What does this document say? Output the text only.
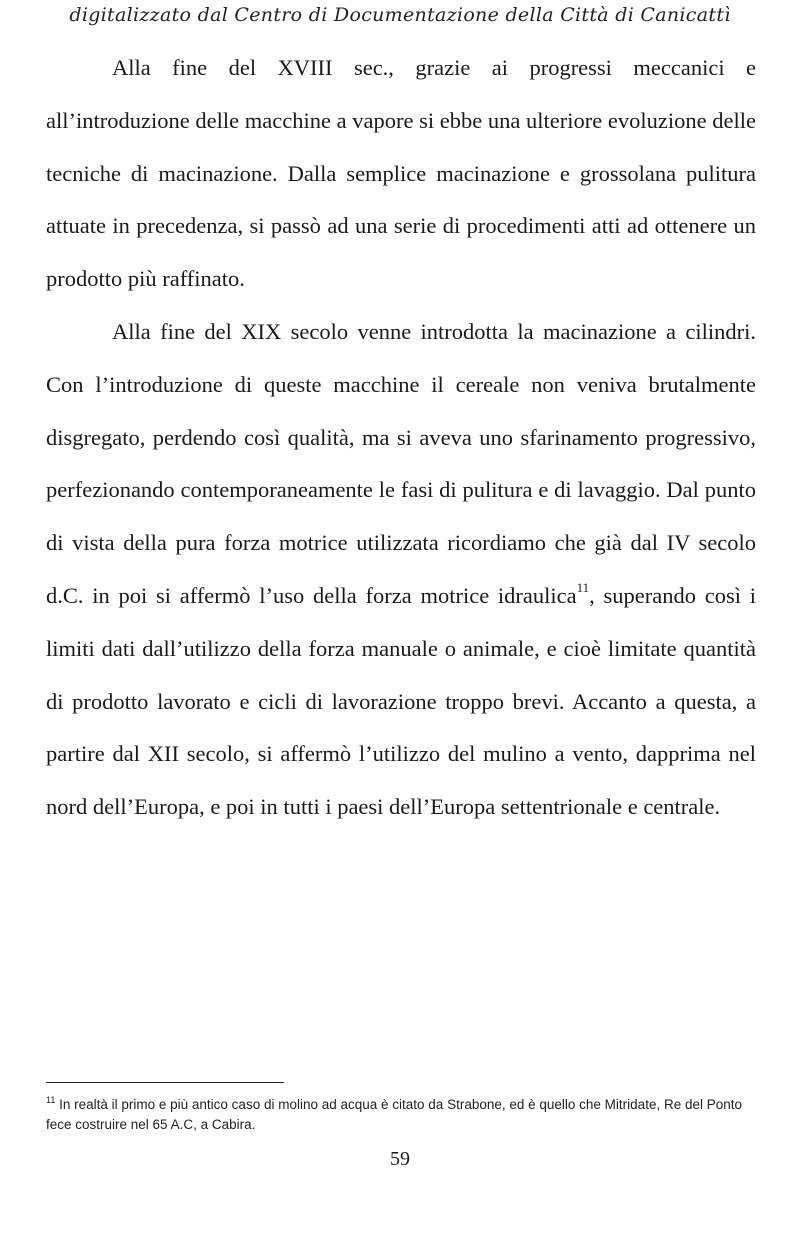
digitalizzato dal Centro di Documentazione della Città di Canicattì

Alla fine del XVIII sec., grazie ai progressi meccanici e all’introduzione delle macchine a vapore si ebbe una ulteriore evoluzione delle tecniche di macinazione. Dalla semplice macinazione e grossolana pulitura attuate in precedenza, si passò ad una serie di procedimenti atti ad ottenere un prodotto più raffinato.

Alla fine del XIX secolo venne introdotta la macinazione a cilindri. Con l’introduzione di queste macchine il cereale non veniva brutalmente disgregato, perdendo così qualità, ma si aveva uno sfarinamento progressivo, perfezionando contemporaneamente le fasi di pulitura e di lavaggio. Dal punto di vista della pura forza motrice utilizzata ricordiamo che già dal IV secolo d.C. in poi si affermò l’uso della forza motrice idraulica$^{11}$, superando così i limiti dati dall’utilizzo della forza manuale o animale, e cioè limitate quantità di prodotto lavorato e cicli di lavorazione troppo brevi. Accanto a questa, a partire dal XII secolo, si affermò l’utilizzo del mulino a vento, dapprima nel nord dell’Europa, e poi in tutti i paesi dell’Europa settentrionale e centrale.

$^{11}$ In realtà il primo e più antico caso di molino ad acqua è citato da Strabone, ed è quello che Mitridate, Re del Ponto fece costruire nel 65 A.C, a Cabira.
59
